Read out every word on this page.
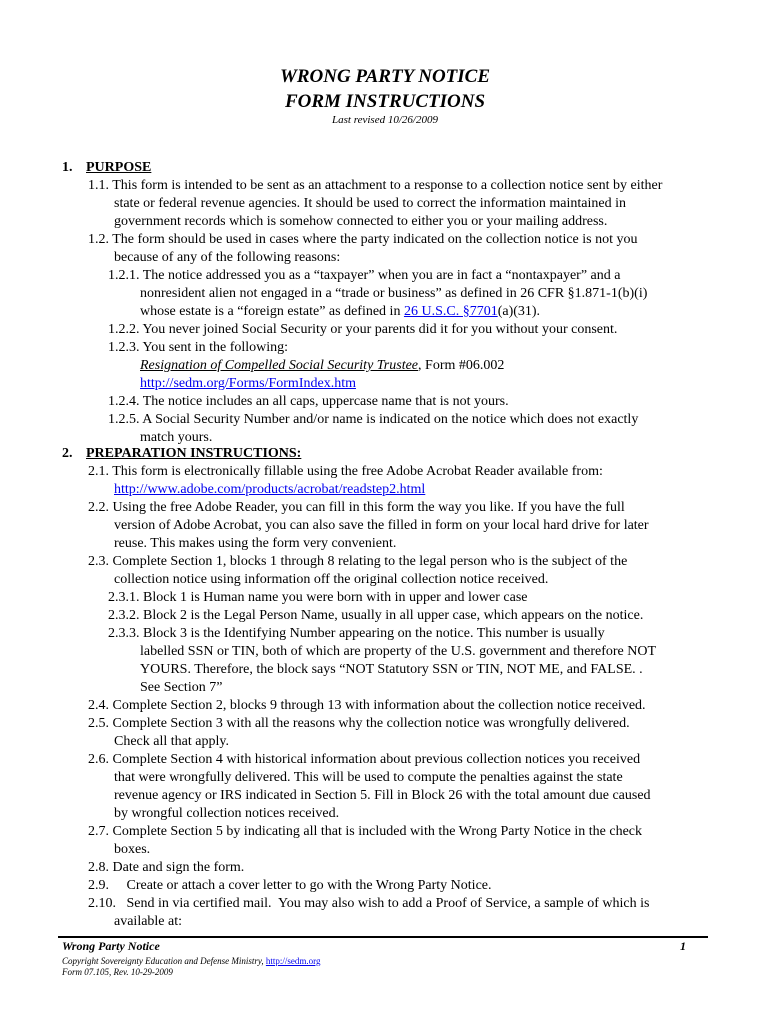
WRONG PARTY NOTICE
FORM INSTRUCTIONS
Last revised 10/26/2009
1. PURPOSE
1.1. This form is intended to be sent as an attachment to a response to a collection notice sent by either
state or federal revenue agencies. It should be used to correct the information maintained in
government records which is somehow connected to either you or your mailing address.
1.2. The form should be used in cases where the party indicated on the collection notice is not you
because of any of the following reasons:
1.2.1. The notice addressed you as a “taxpayer” when you are in fact a “nontaxpayer” and a
nonresident alien not engaged in a “trade or business” as defined in 26 CFR §1.871-1(b)(i)
whose estate is a “foreign estate” as defined in 26 U.S.C. §7701(a)(31).
1.2.2. You never joined Social Security or your parents did it for you without your consent.
1.2.3. You sent in the following:
Resignation of Compelled Social Security Trustee, Form #06.002
http://sedm.org/Forms/FormIndex.htm
1.2.4. The notice includes an all caps, uppercase name that is not yours.
1.2.5. A Social Security Number and/or name is indicated on the notice which does not exactly
match yours.
2. PREPARATION INSTRUCTIONS:
2.1. This form is electronically fillable using the free Adobe Acrobat Reader available from:
http://www.adobe.com/products/acrobat/readstep2.html
2.2. Using the free Adobe Reader, you can fill in this form the way you like. If you have the full
version of Adobe Acrobat, you can also save the filled in form on your local hard drive for later
reuse. This makes using the form very convenient.
2.3. Complete Section 1, blocks 1 through 8 relating to the legal person who is the subject of the
collection notice using information off the original collection notice received.
2.3.1. Block 1 is Human name you were born with in upper and lower case
2.3.2. Block 2 is the Legal Person Name, usually in all upper case, which appears on the notice.
2.3.3. Block 3 is the Identifying Number appearing on the notice. This number is usually
labelled SSN or TIN, both of which are property of the U.S. government and therefore NOT
YOURS. Therefore, the block says “NOT Statutory SSN or TIN, NOT ME, and FALSE. .
See Section 7”
2.4. Complete Section 2, blocks 9 through 13 with information about the collection notice received.
2.5. Complete Section 3 with all the reasons why the collection notice was wrongfully delivered.
Check all that apply.
2.6. Complete Section 4 with historical information about previous collection notices you received
that were wrongfully delivered. This will be used to compute the penalties against the state
revenue agency or IRS indicated in Section 5. Fill in Block 26 with the total amount due caused
by wrongful collection notices received.
2.7. Complete Section 5 by indicating all that is included with the Wrong Party Notice in the check
boxes.
2.8. Date and sign the form.
2.9.     Create or attach a cover letter to go with the Wrong Party Notice.
2.10.   Send in via certified mail.  You may also wish to add a Proof of Service, a sample of which is
available at:
Wrong Party Notice	1
Copyright Sovereignty Education and Defense Ministry, http://sedm.org
Form 07.105, Rev. 10-29-2009
